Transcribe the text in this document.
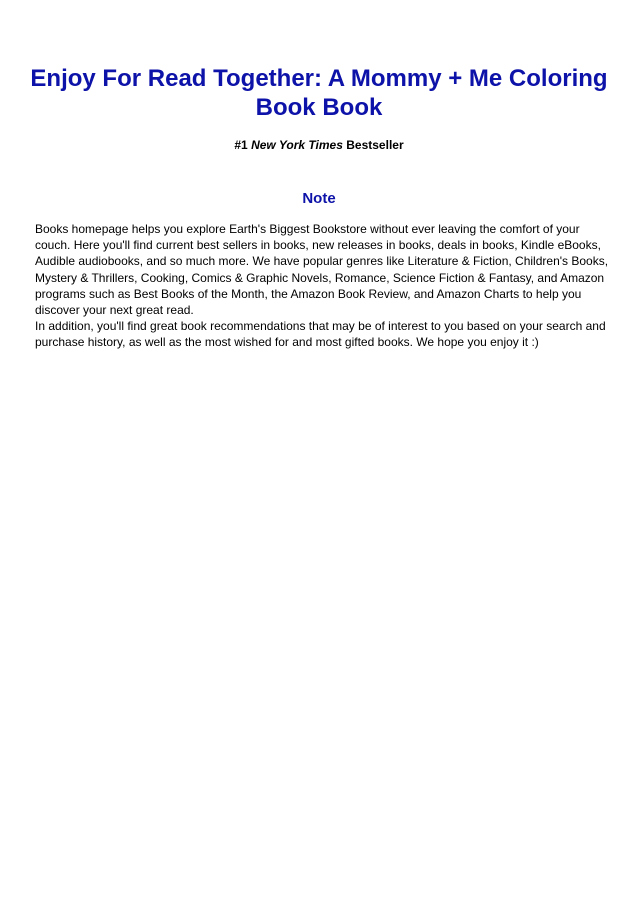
Enjoy For Read Together: A Mommy + Me Coloring Book Book
#1 New York Times Bestseller
Note

Books homepage helps you explore Earth's Biggest Bookstore without ever leaving the comfort of your couch. Here you'll find current best sellers in books, new releases in books, deals in books, Kindle eBooks, Audible audiobooks, and so much more. We have popular genres like Literature & Fiction, Children's Books, Mystery & Thrillers, Cooking, Comics & Graphic Novels, Romance, Science Fiction & Fantasy, and Amazon programs such as Best Books of the Month, the Amazon Book Review, and Amazon Charts to help you discover your next great read.

In addition, you'll find great book recommendations that may be of interest to you based on your search and purchase history, as well as the most wished for and most gifted books. We hope you enjoy it :)
